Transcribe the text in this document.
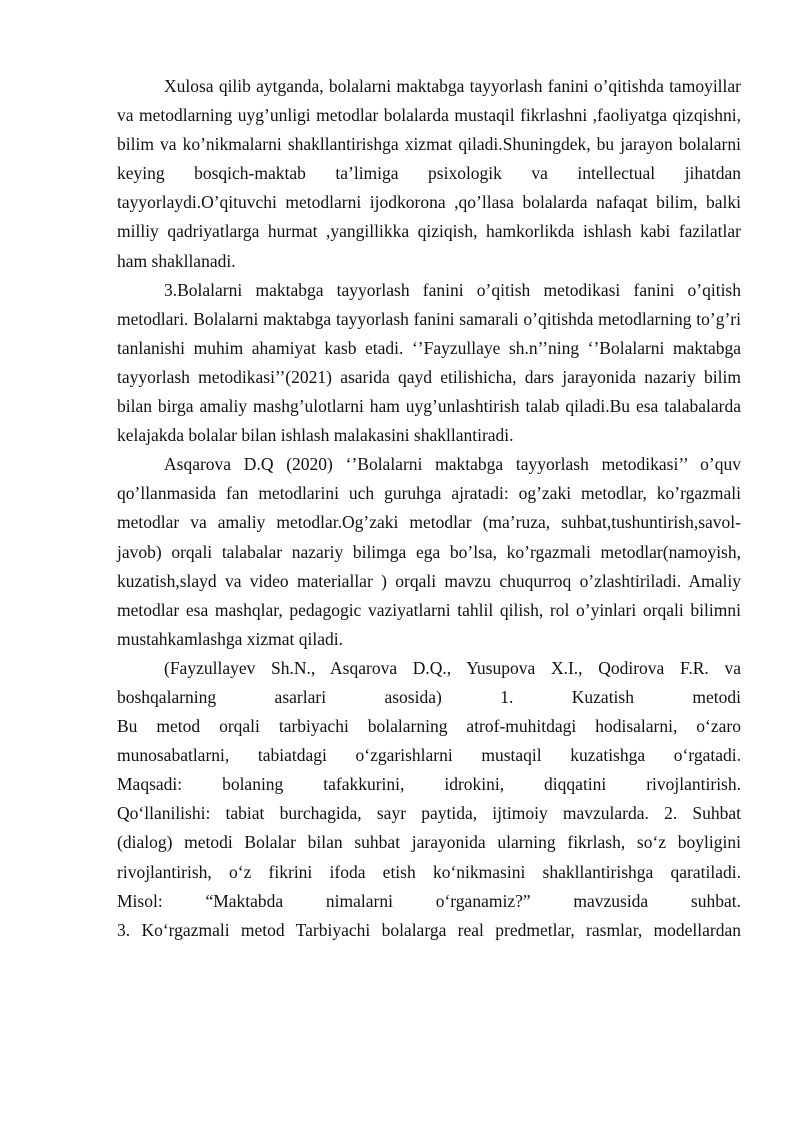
Xulosa qilib aytganda, bolalarni maktabga tayyorlash fanini o’qitishda tamoyillar va metodlarning uyg’unligi metodlar bolalarda mustaqil fikrlashni ,faoliyatga qizqishni, bilim va ko’nikmalarni shakllantirishga xizmat qiladi.Shuningdek, bu jarayon bolalarni keying bosqich-maktab ta’limiga psixologik va intellectual jihatdan tayyorlaydi.O’qituvchi metodlarni ijodkorona ,qo’llasa bolalarda nafaqat bilim, balki milliy qadriyatlarga hurmat ,yangillikka qiziqish, hamkorlikda ishlash kabi fazilatlar ham shakllanadi.

3.Bolalarni maktabga tayyorlash fanini o’qitish metodikasi fanini o’qitish metodlari. Bolalarni maktabga tayyorlash fanini samarali o’qitishda metodlarning to’g’ri tanlanishi muhim ahamiyat kasb etadi. ‘’Fayzullaye sh.n’’ning ‘’Bolalarni maktabga tayyorlash metodikasi’’(2021) asarida qayd etilishicha, dars jarayonida nazariy bilim bilan birga amaliy mashg’ulotlarni ham uyg’unlashtirish talab qiladi.Bu esa talabalarda kelajakda bolalar bilan ishlash malakasini shakllantiradi.

Asqarova D.Q (2020) ‘’Bolalarni maktabga tayyorlash metodikasi’’ o’quv qo’llanmasida fan metodlarini uch guruhga ajratadi: og’zaki metodlar, ko’rgazmali metodlar va amaliy metodlar.Og’zaki metodlar (ma’ruza, suhbat,tushuntirish,savol-javob) orqali talabalar nazariy bilimga ega bo’lsa, ko’rgazmali metodlar(namoyish, kuzatish,slayd va video materiallar ) orqali mavzu chuqurroq o’zlashtiriladi. Amaliy metodlar esa mashqlar, pedagogic vaziyatlarni tahlil qilish, rol o’yinlari orqali bilimni mustahkamlashga xizmat qiladi.

(Fayzullayev Sh.N., Asqarova D.Q., Yusupova X.I., Qodirova F.R. va
boshqalarning asarlari asosida) 1. Kuzatish metodi
Bu metod orqali tarbiyachi bolalarning atrof-muhitdagi hodisalarni, o‘zaro
munosabatlarni, tabiatdagi o‘zgarishlarni mustaqil kuzatishga o‘rgatadi.
Maqsadi: bolaning tafakkurini, idrokini, diqqatini rivojlantirish.
Qo‘llanilishi: tabiat burchagida, sayr paytida, ijtimoiy mavzularda. 2. Suhbat
(dialog) metodi Bolalar bilan suhbat jarayonida ularning fikrlash, so‘z boyligini
rivojlantirish, o‘z fikrini ifoda etish ko‘nikmasini shakllantirishga qaratiladi.
Misol: “Maktabda nimalarni o‘rganamiz?” mavzusida suhbat.
3. Ko‘rgazmali metod Tarbiyachi bolalarga real predmetlar, rasmlar, modellardan
